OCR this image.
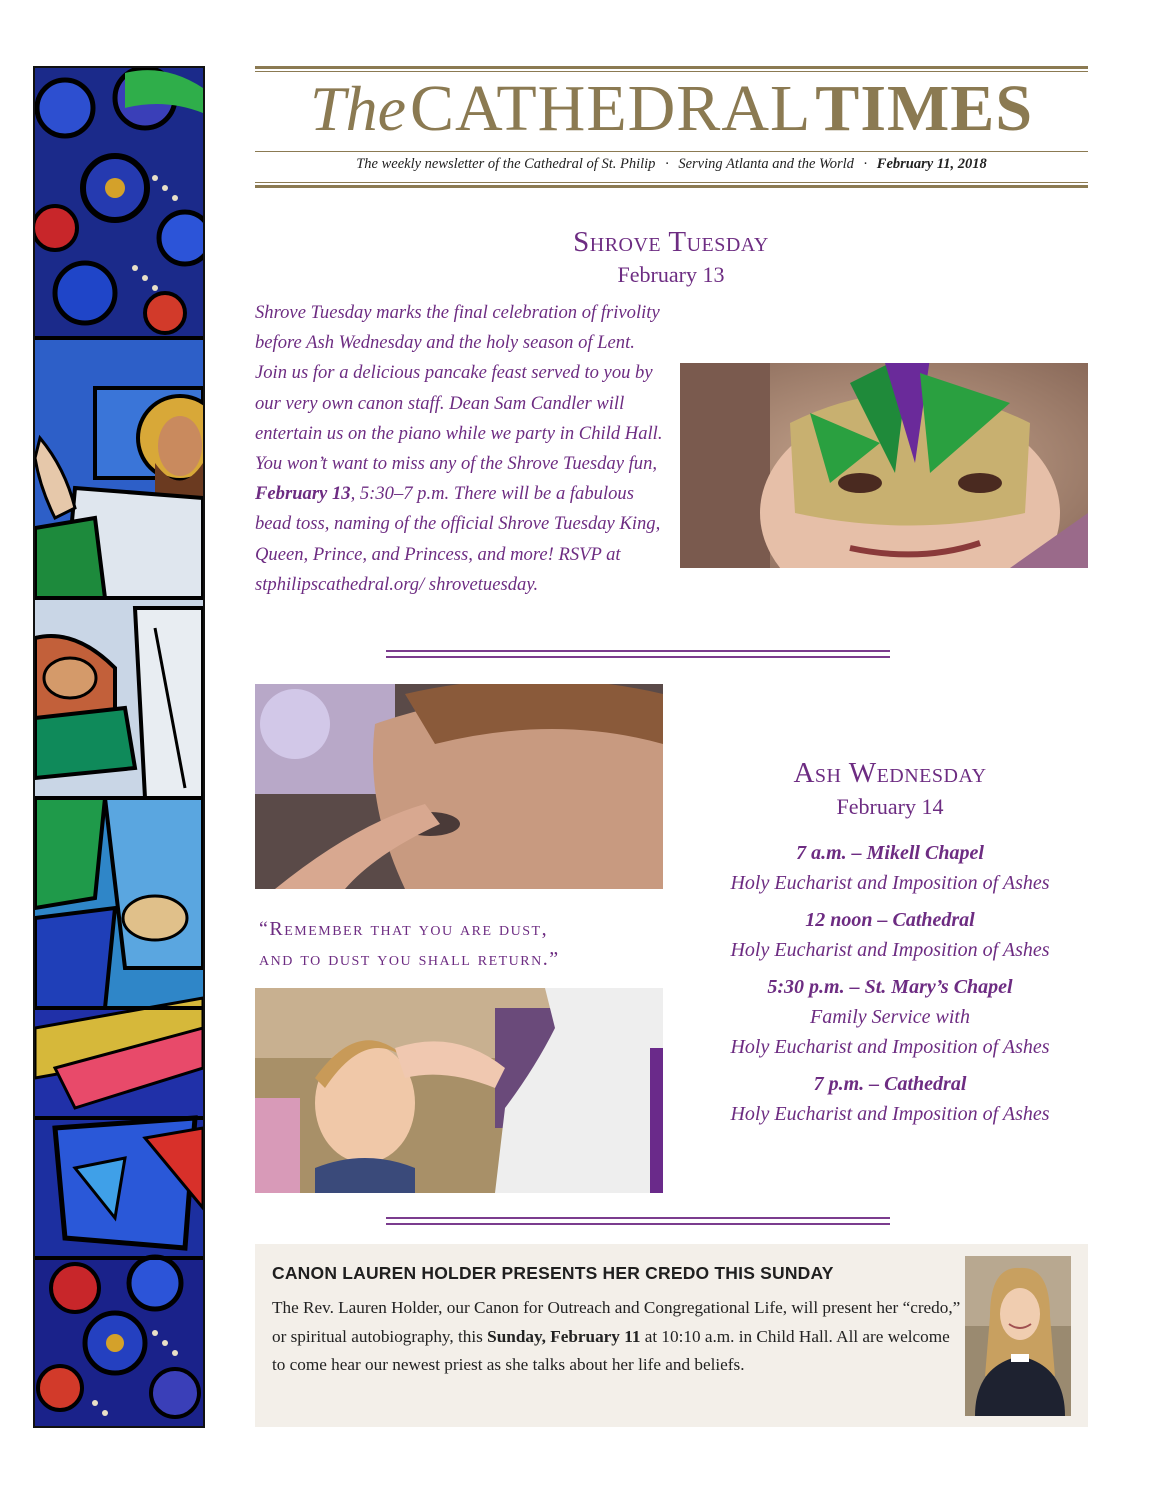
The CATHEDRAL TIMES
The weekly newsletter of the Cathedral of St. Philip · Serving Atlanta and the World · February 11, 2018
Shrove Tuesday
February 13
Shrove Tuesday marks the final celebration of frivolity before Ash Wednesday and the holy season of Lent. Join us for a delicious pancake feast served to you by our very own canon staff. Dean Sam Candler will entertain us on the piano while we party in Child Hall. You won’t want to miss any of the Shrove Tuesday fun, February 13, 5:30–7 p.m. There will be a fabulous bead toss, naming of the official Shrove Tuesday King, Queen, Prince, and Princess, and more! RSVP at stphilipscathedral.org/ shrovetuesday.
“Remember that you are dust,
and to dust you shall return.”
Ash Wednesday
February 14
7 a.m. – Mikell Chapel
Holy Eucharist and Imposition of Ashes
12 noon – Cathedral
Holy Eucharist and Imposition of Ashes
5:30 p.m. – St. Mary’s Chapel
Family Service with
Holy Eucharist and Imposition of Ashes
7 p.m. – Cathedral
Holy Eucharist and Imposition of Ashes
CANON LAUREN HOLDER PRESENTS HER CREDO THIS SUNDAY
The Rev. Lauren Holder, our Canon for Outreach and Congregational Life, will present her “credo,” or spiritual autobiography, this Sunday, February 11 at 10:10 a.m. in Child Hall. All are welcome to come hear our newest priest as she talks about her life and beliefs.
